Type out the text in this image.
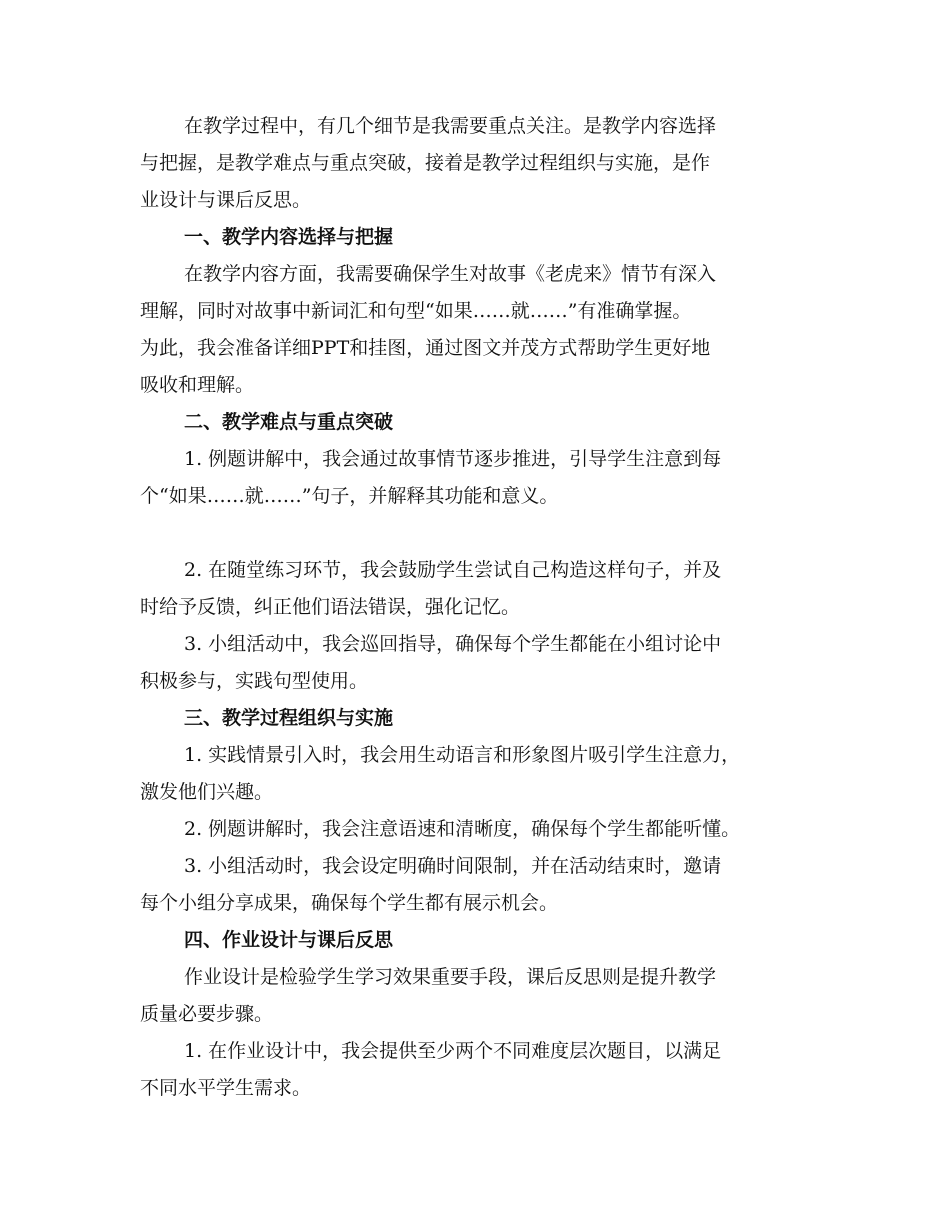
在教学过程中，有几个细节是我需要重点关注。是教学内容选择
与把握，是教学难点与重点突破，接着是教学过程组织与实施，是作
业设计与课后反思。
一、教学内容选择与把握
在教学内容方面，我需要确保学生对故事《老虎来》情节有深入
理解，同时对故事中新词汇和句型“如果……就……”有准确掌握。
为此，我会准备详细PPT和挂图，通过图文并茂方式帮助学生更好地
吸收和理解。
二、教学难点与重点突破
1. 例题讲解中，我会通过故事情节逐步推进，引导学生注意到每
个“如果……就……”句子，并解释其功能和意义。
2. 在随堂练习环节，我会鼓励学生尝试自己构造这样句子，并及
时给予反馈，纠正他们语法错误，强化记忆。
3. 小组活动中，我会巡回指导，确保每个学生都能在小组讨论中
积极参与，实践句型使用。
三、教学过程组织与实施
1. 实践情景引入时，我会用生动语言和形象图片吸引学生注意力，
激发他们兴趣。
2. 例题讲解时，我会注意语速和清晰度，确保每个学生都能听懂。
3. 小组活动时，我会设定明确时间限制，并在活动结束时，邀请
每个小组分享成果，确保每个学生都有展示机会。
四、作业设计与课后反思
作业设计是检验学生学习效果重要手段，课后反思则是提升教学
质量必要步骤。
1. 在作业设计中，我会提供至少两个不同难度层次题目，以满足
不同水平学生需求。
